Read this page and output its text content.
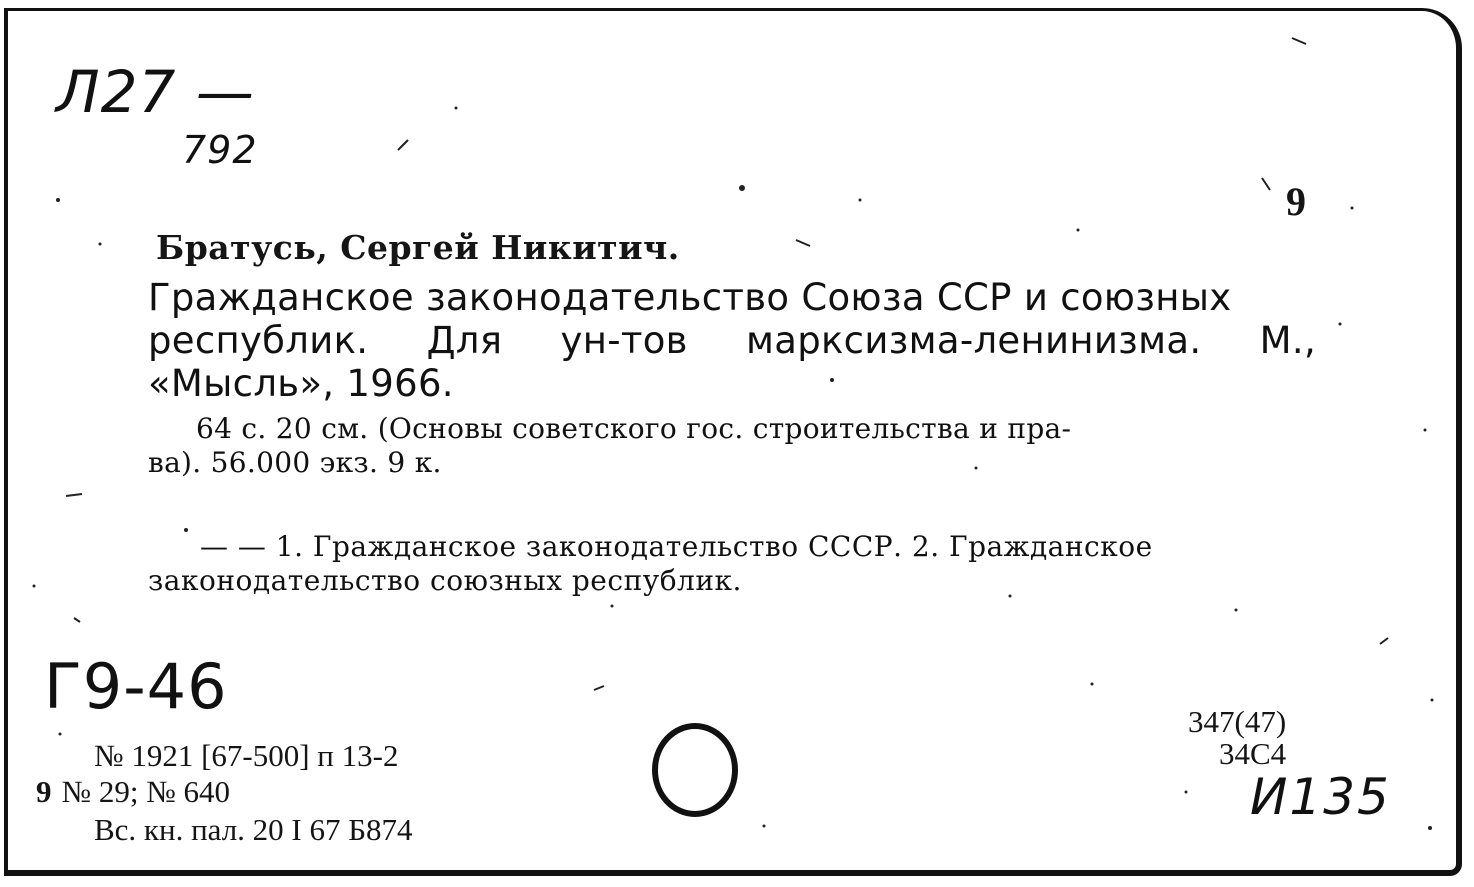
Л27 —
792
9
Братусь, Сергей Никитич.
Гражданское законодательство Союза ССР и союзных
республик. Для ун-тов марксизма-ленинизма. М.,
«Мысль», 1966.
64 с. 20 см. (Основы советского гос. строительства и пра-
ва). 56.000 экз. 9 к.
— — 1. Гражданское законодательство СССР. 2. Гражданское
законодательство союзных республик.
Г9-46
№ 1921 [67-500] п 13-2
9 № 29; № 640
Вс. кн. пал. 20 I 67 Б874
347(47)
34С4
И135
